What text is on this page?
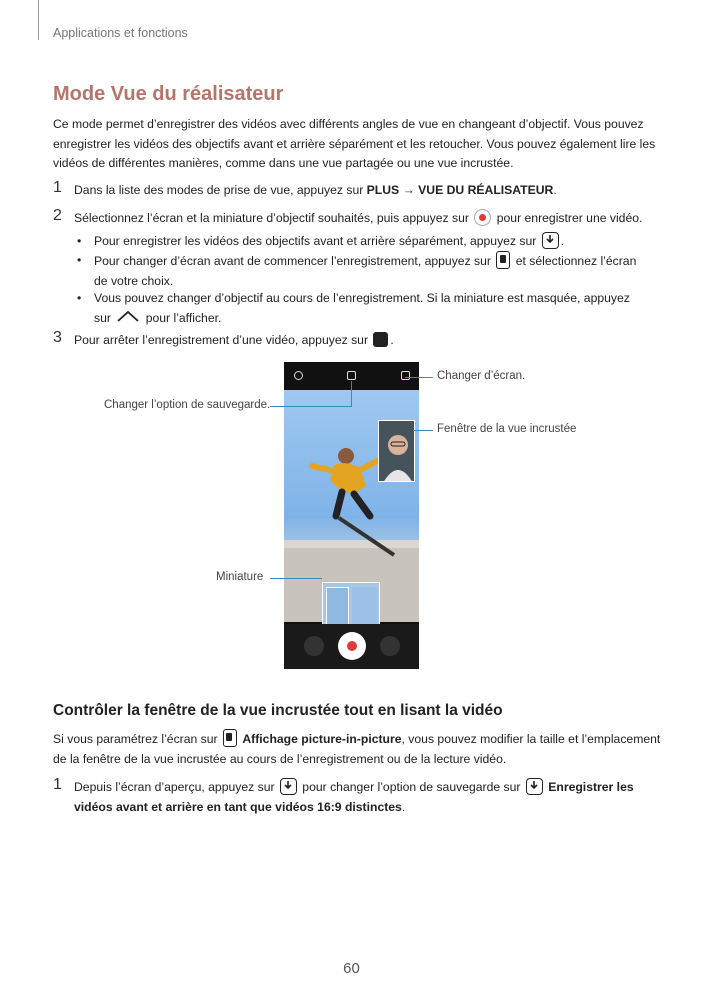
Applications et fonctions
Mode Vue du réalisateur

Ce mode permet d’enregistrer des vidéos avec différents angles de vue en changeant d’objectif. Vous pouvez enregistrer les vidéos des objectifs avant et arrière séparément et les retoucher. Vous pouvez également lire les vidéos de différentes manières, comme dans une vue partagée ou une vue incrustée.

1 Dans la liste des modes de prise de vue, appuyez sur PLUS → VUE DU RÉALISATEUR.
2 Sélectionnez l’écran et la miniature d’objectif souhaités, puis appuyez sur  pour enregistrer une vidéo.
• Pour enregistrer les vidéos des objectifs avant et arrière séparément, appuyez sur
.
• Pour changer d’écran avant de commencer l’enregistrement, appuyez sur  et sélectionnez l’écran de votre choix.
• Vous pouvez changer d’objectif au cours de l’enregistrement. Si la miniature est masquée, appuyez sur  pour l’afficher.
3 Pour arrêter l’enregistrement d’une vidéo, appuyez sur .
Changer d’écran.
Changer l’option de sauvegarde.
Fenêtre de la vue incrustée
Miniature
Contrôler la fenêtre de la vue incrustée tout en lisant la vidéo

Si vous paramétrez l’écran sur  Affichage picture-in-picture, vous pouvez modifier la taille et l’emplacement de la fenêtre de la vue incrustée au cours de l’enregistrement ou de la lecture vidéo.

1 Depuis l’écran d’aperçu, appuyez sur
pour changer l’option de sauvegarde sur
Enregistrer les vidéos avant et arrière en tant que vidéos 16:9 distinctes.
60
